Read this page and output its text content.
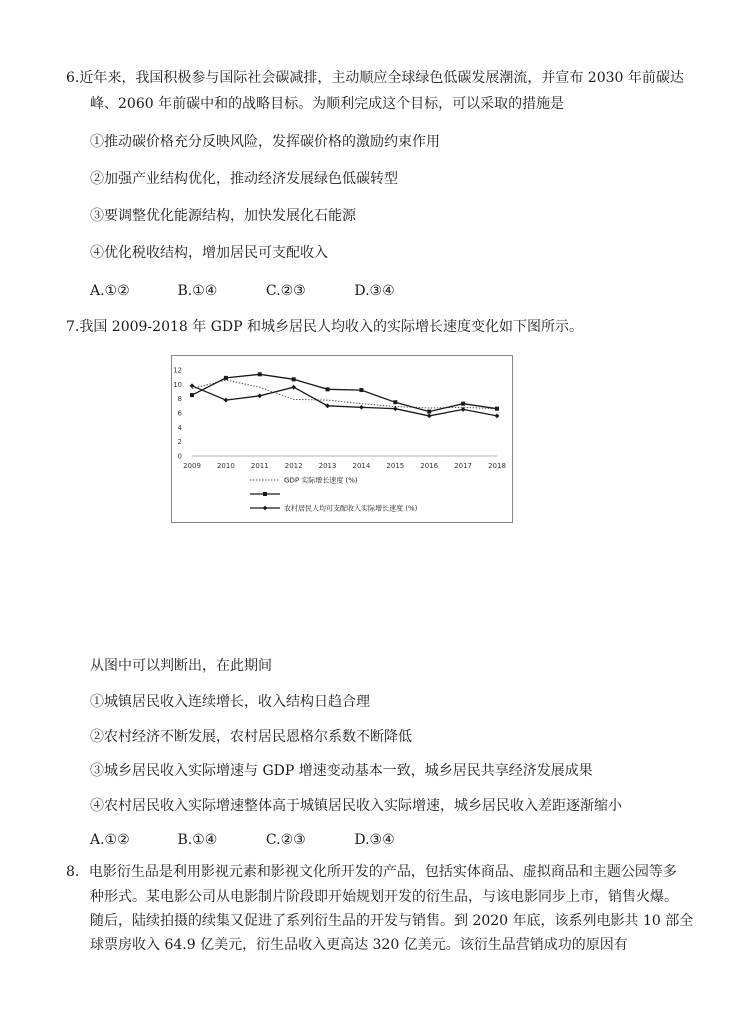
6.近年来，我国积极参与国际社会碳减排，主动顺应全球绿色低碳发展潮流，并宣布 2030 年前碳达
峰、2060 年前碳中和的战略目标。为顺利完成这个目标，可以采取的措施是
①推动碳价格充分反映风险，发挥碳价格的激励约束作用
②加强产业结构优化，推动经济发展绿色低碳转型
③要调整优化能源结构，加快发展化石能源
④优化税收结构，增加居民可支配收入
A.①②	B.①④	C.②③	D.③④
7.我国 2009-2018 年 GDP 和城乡居民人均收入的实际增长速度变化如下图所示。
0
2
4
6
8
10
12
2009 2010 2011 2012 2013 2014 2015 2016 2017 2018
GDP 实际增长速度 (%)
农村居民人均可支配收入实际增长速度 (%)
从图中可以判断出，在此期间
①城镇居民收入连续增长，收入结构日趋合理
②农村经济不断发展，农村居民恩格尔系数不断降低
③城乡居民收入实际增速与 GDP 增速变动基本一致，城乡居民共享经济发展成果
④农村居民收入实际增速整体高于城镇居民收入实际增速，城乡居民收入差距逐渐缩小
A.①②	B.①④	C.②③	D.③④
8．电影衍生品是利用影视元素和影视文化所开发的产品，包括实体商品、虚拟商品和主题公园等多
种形式。某电影公司从电影制片阶段即开始规划开发的衍生品，与该电影同步上市，销售火爆。
随后，陆续拍摄的续集又促进了系列衍生品的开发与销售。到 2020 年底，该系列电影共 10 部全
球票房收入 64.9 亿美元，衍生品收入更高达 320 亿美元。该衍生品营销成功的原因有
